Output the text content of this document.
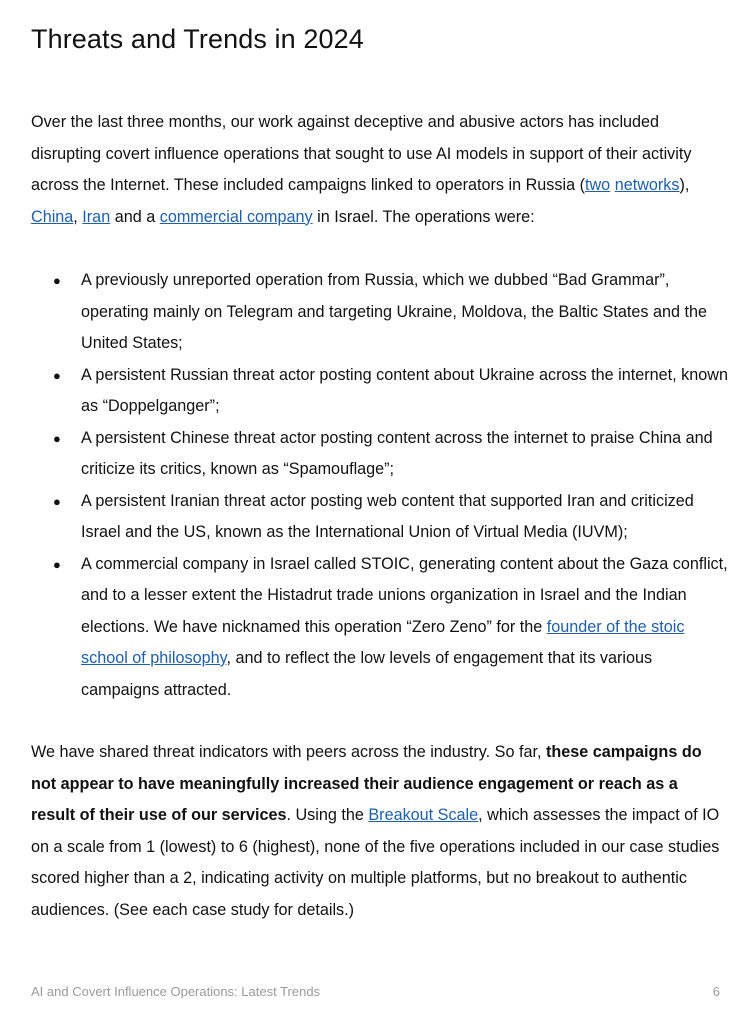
Threats and Trends in 2024

Over the last three months, our work against deceptive and abusive actors has included disrupting covert influence operations that sought to use AI models in support of their activity across the Internet. These included campaigns linked to operators in Russia (two networks), China, Iran and a commercial company in Israel. The operations were:

● A previously unreported operation from Russia, which we dubbed “Bad Grammar”, operating mainly on Telegram and targeting Ukraine, Moldova, the Baltic States and the United States;
● A persistent Russian threat actor posting content about Ukraine across the internet, known as “Doppelganger”;
● A persistent Chinese threat actor posting content across the internet to praise China and criticize its critics, known as “Spamouflage”;
● A persistent Iranian threat actor posting web content that supported Iran and criticized Israel and the US, known as the International Union of Virtual Media (IUVM);
● A commercial company in Israel called STOIC, generating content about the Gaza conflict, and to a lesser extent the Histadrut trade unions organization in Israel and the Indian elections. We have nicknamed this operation “Zero Zeno” for the founder of the stoic school of philosophy, and to reflect the low levels of engagement that its various campaigns attracted.

We have shared threat indicators with peers across the industry. So far, these campaigns do not appear to have meaningfully increased their audience engagement or reach as a result of their use of our services. Using the Breakout Scale, which assesses the impact of IO on a scale from 1 (lowest) to 6 (highest), none of the five operations included in our case studies scored higher than a 2, indicating activity on multiple platforms, but no breakout to authentic audiences. (See each case study for details.)

AI and Covert Influence Operations: Latest Trends	6
